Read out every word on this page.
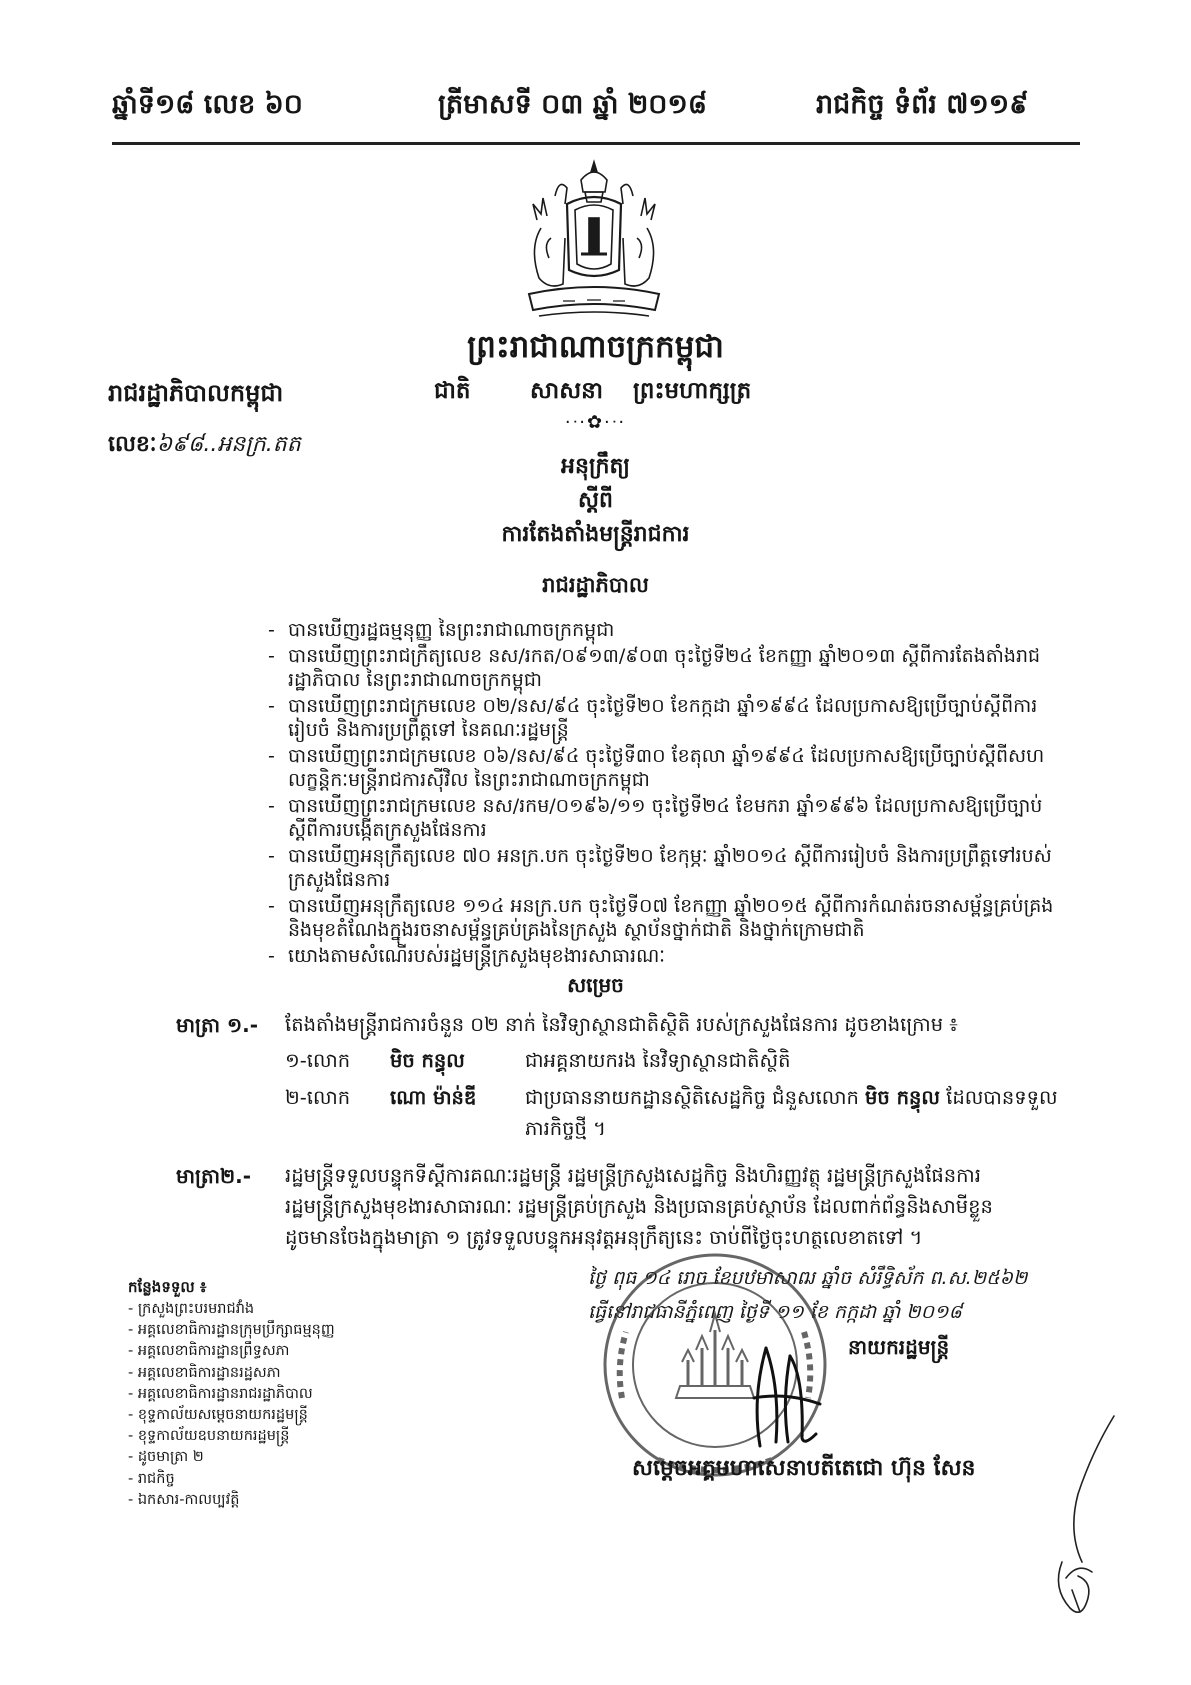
ឆ្នាំទី១៨ លេខ ៦០	ត្រីមាសទី ០៣ ឆ្នាំ ២០១៨	រាជកិច្ច ទំព័រ ៧១១៩
ព្រះរាជាណាចក្រកម្ពុជា
ជាតិ	សាសនា ព្រះមហាក្សត្រ
·ᐧ·✿·ᐧ·
រាជរដ្ឋាភិបាលកម្ពុជា
លេខៈ៦៩៨..អនក្រ.តត
អនុក្រឹត្យ
ស្តីពី
ការតែងតាំងមន្ត្រីរាជការ
រាជរដ្ឋាភិបាល
- បានឃើញរដ្ឋធម្មនុញ្ញ នៃព្រះរាជាណាចក្រកម្ពុជា
- បានឃើញព្រះរាជក្រឹត្យលេខ នស/រកត/០៩១៣/៩០៣ ចុះថ្ងៃទី២៤ ខែកញ្ញា ឆ្នាំ២០១៣ ស្តីពីការតែងតាំងរាជរដ្ឋាភិបាល នៃព្រះរាជាណាចក្រកម្ពុជា
- បានឃើញព្រះរាជក្រមលេខ ០២/នស/៩៤ ចុះថ្ងៃទី២០ ខែកក្កដា ឆ្នាំ១៩៩៤ ដែលប្រកាសឱ្យប្រើច្បាប់ស្តីពីការរៀបចំ និងការប្រព្រឹត្តទៅ នៃគណៈរដ្ឋមន្ត្រី
- បានឃើញព្រះរាជក្រមលេខ ០៦/នស/៩៤ ចុះថ្ងៃទី៣០ ខែតុលា ឆ្នាំ១៩៩៤ ដែលប្រកាសឱ្យប្រើច្បាប់ស្តីពីសហលក្ខន្តិកៈមន្ត្រីរាជការស៊ីវិល នៃព្រះរាជាណាចក្រកម្ពុជា
- បានឃើញព្រះរាជក្រមលេខ នស/រកម/០១៩៦/១១ ចុះថ្ងៃទី២៤ ខែមករា ឆ្នាំ១៩៩៦ ដែលប្រកាសឱ្យប្រើច្បាប់ ស្តីពីការបង្កើតក្រសួងផែនការ
- បានឃើញអនុក្រឹត្យលេខ ៧០ អនក្រ.បក ចុះថ្ងៃទី២០ ខែកុម្ភៈ ឆ្នាំ២០១៤ ស្តីពីការរៀបចំ និងការប្រព្រឹត្តទៅរបស់ក្រសួងផែនការ
- បានឃើញអនុក្រឹត្យលេខ ១១៤ អនក្រ.បក ចុះថ្ងៃទី០៧ ខែកញ្ញា ឆ្នាំ២០១៥ ស្តីពីការកំណត់រចនាសម្ព័ន្ធគ្រប់គ្រង និងមុខតំណែងក្នុងរចនាសម្ព័ន្ធគ្រប់គ្រងនៃក្រសួង ស្ថាប័នថ្នាក់ជាតិ និងថ្នាក់ក្រោមជាតិ
- យោងតាមសំណើរបស់រដ្ឋមន្ត្រីក្រសួងមុខងារសាធារណៈ
សម្រេច
មាត្រា ១.- តែងតាំងមន្ត្រីរាជការចំនួន ០២ នាក់ នៃវិទ្យាស្ថានជាតិស្ថិតិ របស់ក្រសួងផែនការ ដូចខាងក្រោម ៖
១-លោក មិច កន្ធុល	ជាអគ្គនាយករង នៃវិទ្យាស្ថានជាតិស្ថិតិ
២-លោក ណោ ម៉ាន់ឌី ជាប្រធាននាយកដ្ឋានស្ថិតិសេដ្ឋកិច្ច ជំនួសលោក មិច កន្ធុល ដែលបានទទួល
ភារកិច្ចថ្មី ។
មាត្រា២.- រដ្ឋមន្ត្រីទទួលបន្ទុកទីស្តីការគណៈរដ្ឋមន្ត្រី រដ្ឋមន្ត្រីក្រសួងសេដ្ឋកិច្ច និងហិរញ្ញវត្ថុ រដ្ឋមន្ត្រីក្រសួងផែនការ
រដ្ឋមន្ត្រីក្រសួងមុខងារសាធារណៈ រដ្ឋមន្ត្រីគ្រប់ក្រសួង និងប្រធានគ្រប់ស្ថាប័ន ដែលពាក់ព័ន្ធនិងសាមីខ្លួន
ដូចមានចែងក្នុងមាត្រា ១ ត្រូវទទួលបន្ទុកអនុវត្តអនុក្រឹត្យនេះ ចាប់ពីថ្ងៃចុះហត្ថលេខាតទៅ ។
ថ្ងៃ ពុធ ១៤ រោច ខែបឋមាសាឍ ឆ្នាំច សំរឹទ្ធិស័ក ព.ស.២៥៦២
ធ្វើនៅរាជធានីភ្នំពេញ ថ្ងៃទី ១១ ខែ កក្កដា ឆ្នាំ ២០១៨
នាយករដ្ឋមន្ត្រី
សម្តេចអគ្គមហាសេនាបតីតេជោ ហ៊ុន សែន
កន្លែងទទួល ៖
- ក្រសួងព្រះបរមរាជវាំង
- អគ្គលេខាធិការដ្ឋានក្រុមប្រឹក្សាធម្មនុញ្ញ
- អគ្គលេខាធិការដ្ឋានព្រឹទ្ធសភា
- អគ្គលេខាធិការដ្ឋានរដ្ឋសភា
- អគ្គលេខាធិការដ្ឋានរាជរដ្ឋាភិបាល
- ខុទ្ទកាល័យសម្តេចនាយករដ្ឋមន្ត្រី
- ខុទ្ទកាល័យឧបនាយករដ្ឋមន្ត្រី
- ដូចមាត្រា ២
- រាជកិច្ច
- ឯកសារ-កាលប្បវត្តិ
